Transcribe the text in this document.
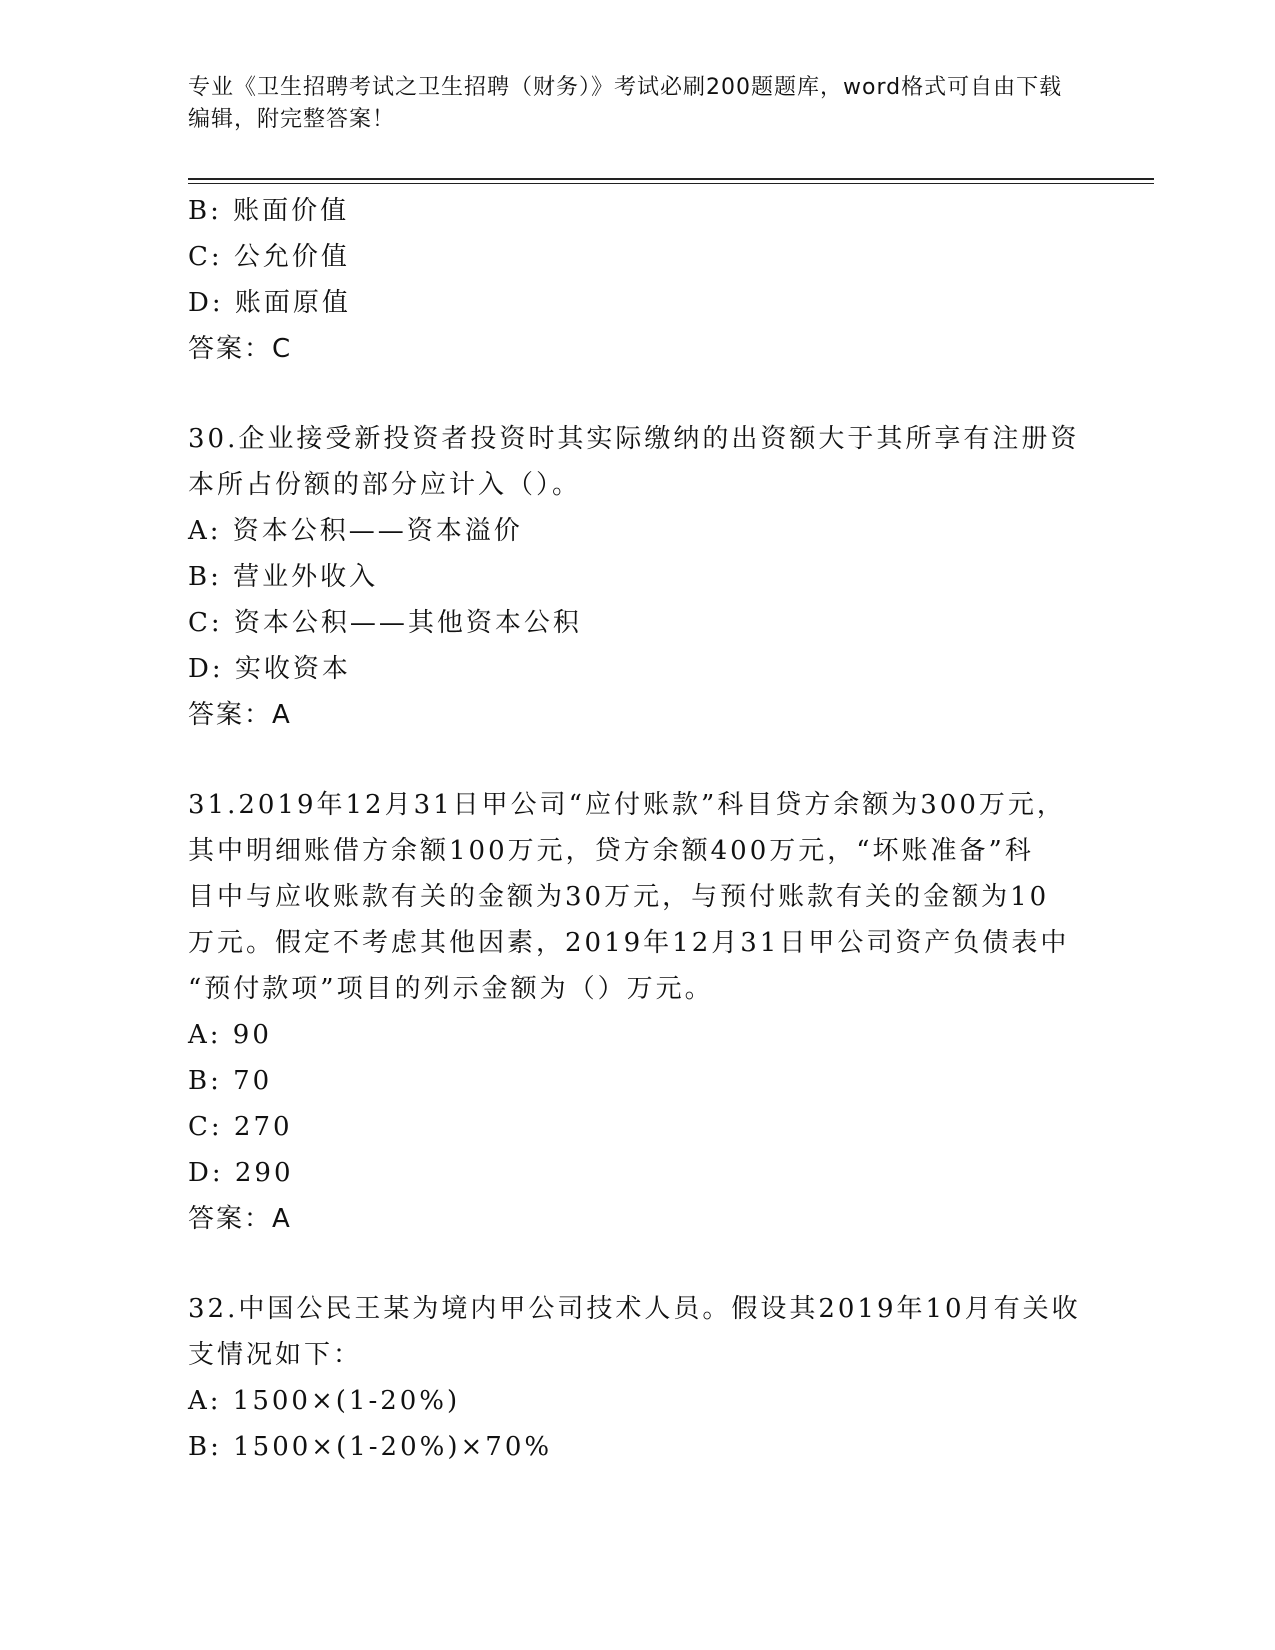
专业《卫生招聘考试之卫生招聘（财务）》考试必刷200题题库，word格式可自由下载编辑，附完整答案！
B: 账面价值
C: 公允价值
D: 账面原值
答案：C
30.企业接受新投资者投资时其实际缴纳的出资额大于其所享有注册资
本所占份额的部分应计入（）。
A: 资本公积——资本溢价
B: 营业外收入
C: 资本公积——其他资本公积
D: 实收资本
答案：A
31.2019年12月31日甲公司“应付账款”科目贷方余额为300万元，
其中明细账借方余额100万元，贷方余额400万元，“坏账准备”科
目中与应收账款有关的金额为30万元，与预付账款有关的金额为10
万元。假定不考虑其他因素，2019年12月31日甲公司资产负债表中
“预付款项”项目的列示金额为（）万元。
A: 90
B: 70
C: 270
D: 290
答案：A
32.中国公民王某为境内甲公司技术人员。假设其2019年10月有关收
支情况如下：
A: 1500×(1-20%)
B: 1500×(1-20%)×70%
